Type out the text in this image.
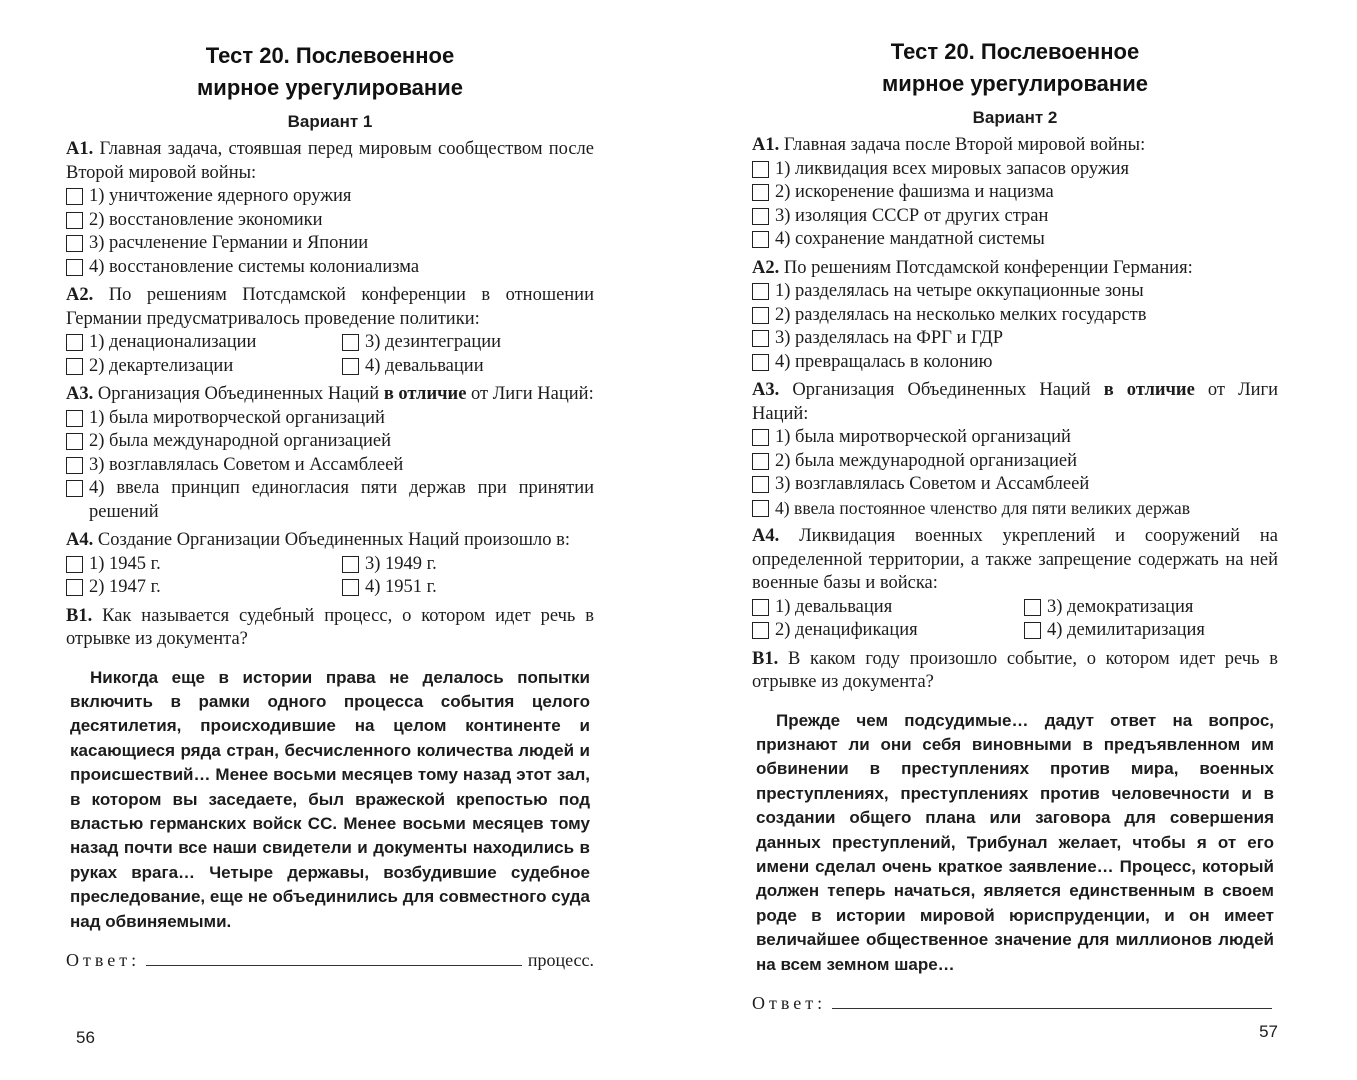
Тест 20. Послевоенное
мирное урегулирование
Вариант 1

А1. Главная задача, стоявшая перед мировым сообществом после Второй мировой войны:

1) уничтожение ядерного оружия
2) восстановление экономики
3) расчленение Германии и Японии
4) восстановление системы колониализма

А2. По решениям Потсдамской конференции в отношении Германии предусматривалось проведение политики:

1) денационализации	3) дезинтеграции
2) декартелизации	4) девальвации

А3. Организация Объединенных Наций в отличие от Лиги Наций:

1) была миротворческой организаций
2) была международной организацией
3) возглавлялась Советом и Ассамблеей
4) ввела принцип единогласия пяти держав при принятии решений

А4. Создание Организации Объединенных Наций произошло в:

1) 1945 г.	3) 1949 г.
2) 1947 г.	4) 1951 г.

В1. Как называется судебный процесс, о котором идет речь в отрывке из документа?

Никогда еще в истории права не делалось попытки включить в рамки одного процесса события целого десятилетия, происходившие на целом континенте и касающиеся ряда стран, бесчисленного количества людей и происшествий… Менее восьми месяцев тому назад этот зал, в котором вы заседаете, был вражеской крепостью под властью германских войск СС. Менее восьми месяцев тому назад почти все наши свидетели и документы находились в руках врага… Четыре державы, возбудившие судебное преследование, еще не объединились для совместного суда над обвиняемыми.
Ответ:	процесс.
56
Тест 20. Послевоенное
мирное урегулирование
Вариант 2

А1. Главная задача после Второй мировой войны:

1) ликвидация всех мировых запасов оружия
2) искоренение фашизма и нацизма
3) изоляция СССР от других стран
4) сохранение мандатной системы

А2. По решениям Потсдамской конференции Германия:

1) разделялась на четыре оккупационные зоны
2) разделялась на несколько мелких государств
3) разделялась на ФРГ и ГДР
4) превращалась в колонию

А3. Организация Объединенных Наций в отличие от Лиги Наций:

1) была миротворческой организаций
2) была международной организацией
3) возглавлялась Советом и Ассамблеей
4) ввела постоянное членство для пяти великих держав

А4. Ликвидация военных укреплений и сооружений на определенной территории, а также запрещение содержать на ней военные базы и войска:

1) девальвация	3) демократизация
2) денацификация	4) демилитаризация

В1. В каком году произошло событие, о котором идет речь в отрывке из документа?

Прежде чем подсудимые… дадут ответ на вопрос, признают ли они себя виновными в предъявленном им обвинении в преступлениях против мира, военных преступлениях, преступлениях против человечности и в создании общего плана или заговора для совершения данных преступлений, Трибунал желает, чтобы я от его имени сделал очень краткое заявление… Процесс, который должен теперь начаться, является единственным в своем роде в истории мировой юриспруденции, и он имеет величайшее общественное значение для миллионов людей на всем земном шаре…
Ответ:
57
